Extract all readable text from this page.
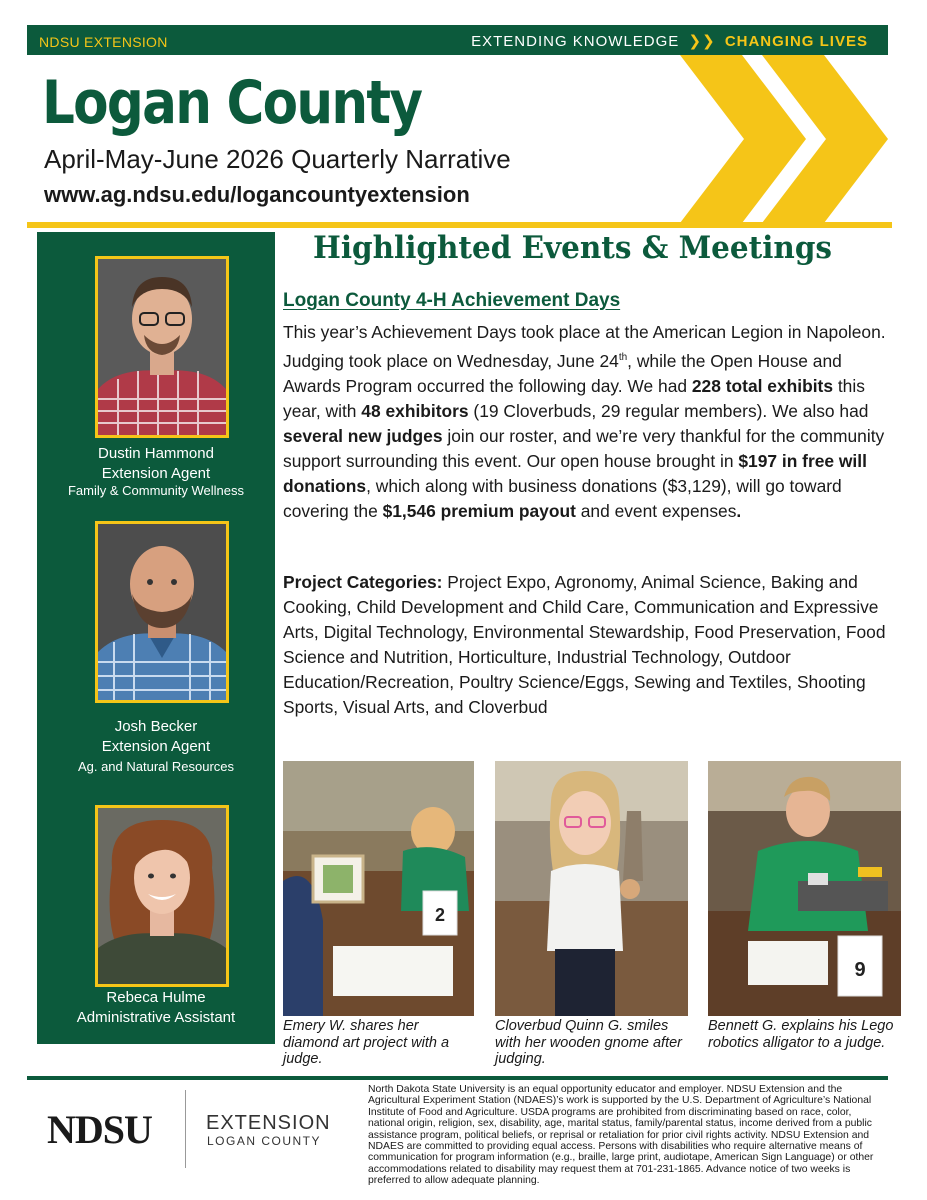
NDSU EXTENSION	EXTENDING KNOWLEDGE ❯❯ CHANGING LIVES
Logan County
April-May-June 2026 Quarterly Narrative
www.ag.ndsu.edu/logancountyextension
Dustin Hammond
Extension Agent
Family & Community Wellness
Josh Becker
Extension Agent
Ag. and Natural Resources
Rebeca Hulme
Administrative Assistant
Highlighted Events & Meetings
Logan County 4-H Achievement Days
This year’s Achievement Days took place at the American Legion in Napoleon. Judging took place on Wednesday, June 24th, while the Open House and Awards Program occurred the following day. We had 228 total exhibits this year, with 48 exhibitors (19 Cloverbuds, 29 regular members). We also had several new judges join our roster, and we’re very thankful for the community support surrounding this event. Our open house brought in $197 in free will donations, which along with business donations ($3,129), will go toward covering the $1,546 premium payout and event expenses.
Project Categories: Project Expo, Agronomy, Animal Science, Baking and Cooking, Child Development and Child Care, Communication and Expressive Arts, Digital Technology, Environmental Stewardship, Food Preservation, Food Science and Nutrition, Horticulture, Industrial Technology, Outdoor Education/Recreation, Poultry Science/Eggs, Sewing and Textiles, Shooting Sports, Visual Arts, and Cloverbud
2
9
Emery W. shares her diamond art project with a judge.
Cloverbud Quinn G. smiles with her wooden gnome after judging.
Bennett G. explains his Lego robotics alligator to a judge.
NDSU	EXTENSION
LOGAN COUNTY
North Dakota State University is an equal opportunity educator and employer. NDSU Extension and the Agricultural Experiment Station (NDAES)’s work is supported by the U.S. Department of Agriculture’s National Institute of Food and Agriculture. USDA programs are prohibited from discriminating based on race, color, national origin, religion, sex, disability, age, marital status, family/parental status, income derived from a public assistance program, political beliefs, or reprisal or retaliation for prior civil rights activity. NDSU Extension and NDAES are committed to providing equal access. Persons with disabilities who require alternative means of communication for program information (e.g., braille, large print, audiotape, American Sign Language) or other accommodations related to disability may request them at 701-231-1865. Advance notice of two weeks is preferred to allow adequate planning.
